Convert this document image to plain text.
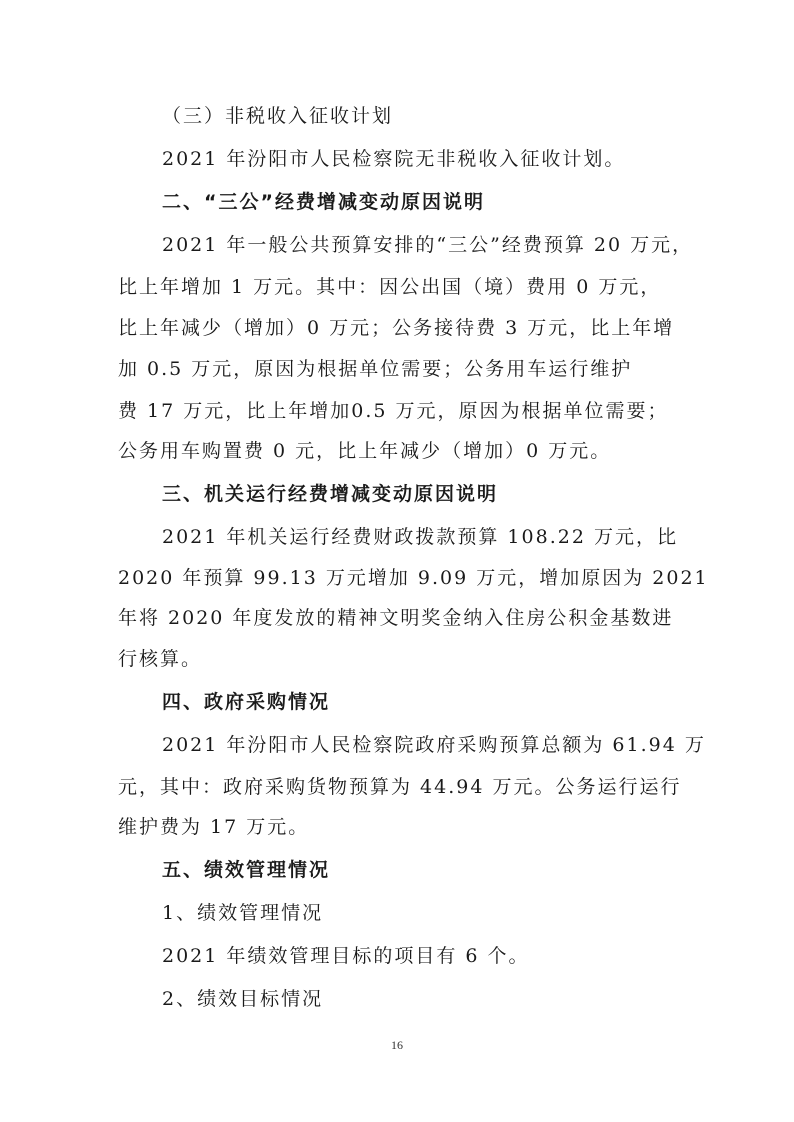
（三）非税收入征收计划
2021 年汾阳市人民检察院无非税收入征收计划。
二、“三公”经费增减变动原因说明
2021 年一般公共预算安排的“三公”经费预算 20 万元，
比上年增加 1 万元。其中：因公出国（境）费用 0 万元，
比上年减少（增加）0 万元；公务接待费 3 万元，比上年增
加 0.5 万元，原因为根据单位需要；公务用车运行维护
费 17 万元，比上年增加0.5 万元，原因为根据单位需要；
公务用车购置费 0 元，比上年减少（增加）0 万元。
三、机关运行经费增减变动原因说明
2021 年机关运行经费财政拨款预算 108.22 万元，比
2020 年预算 99.13 万元增加 9.09 万元，增加原因为 2021
年将 2020 年度发放的精神文明奖金纳入住房公积金基数进
行核算。
四、政府采购情况
2021 年汾阳市人民检察院政府采购预算总额为 61.94 万
元，其中：政府采购货物预算为 44.94 万元。公务运行运行
维护费为 17 万元。
五、绩效管理情况
1、绩效管理情况
2021 年绩效管理目标的项目有 6 个。
2、绩效目标情况
16
